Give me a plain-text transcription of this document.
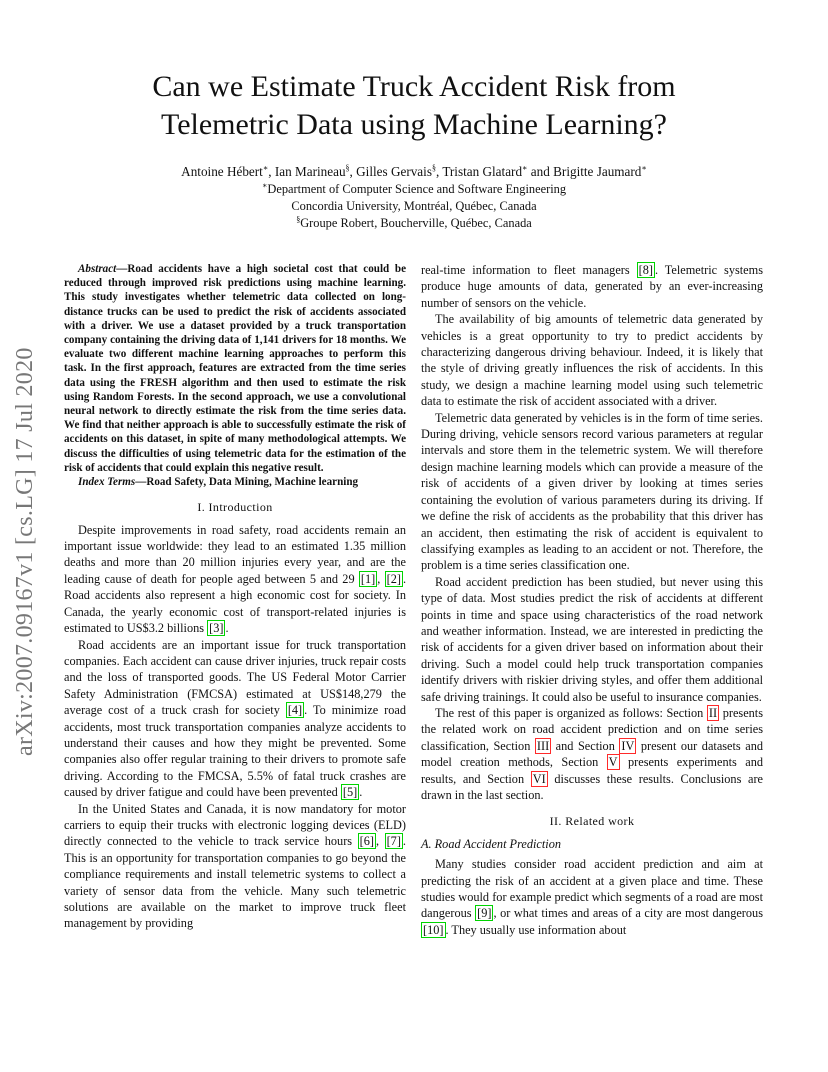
Can we Estimate Truck Accident Risk from
Telemetric Data using Machine Learning?
Antoine Hébert∗, Ian Marineau§, Gilles Gervais§, Tristan Glatard∗ and Brigitte Jaumard∗
∗Department of Computer Science and Software Engineering
Concordia University, Montréal, Québec, Canada
§Groupe Robert, Boucherville, Québec, Canada
arXiv:2007.09167v1 [cs.LG] 17 Jul 2020

Abstract—Road accidents have a high societal cost that could be reduced through improved risk predictions using machine learning. This study investigates whether telemetric data collected on long-distance trucks can be used to predict the risk of accidents associated with a driver. We use a dataset provided by a truck transportation company containing the driving data of 1,141 drivers for 18 months. We evaluate two different machine learning approaches to perform this task. In the first approach, features are extracted from the time series data using the FRESH algorithm and then used to estimate the risk using Random Forests. In the second approach, we use a convolutional neural network to directly estimate the risk from the time series data. We find that neither approach is able to successfully estimate the risk of accidents on this dataset, in spite of many methodological attempts. We discuss the difficulties of using telemetric data for the estimation of the risk of accidents that could explain this negative result.

Index Terms—Road Safety, Data Mining, Machine learning

I. Introduction

Despite improvements in road safety, road accidents remain an important issue worldwide: they lead to an estimated 1.35 million deaths and more than 20 million injuries every year, and are the leading cause of death for people aged between 5 and 29 [1] , [2] . Road accidents also represent a high economic cost for society. In Canada, the yearly economic cost of transport-related injuries is estimated to US$3.2 billions [3] .

Road accidents are an important issue for truck transportation companies. Each accident can cause driver injuries, truck repair costs and the loss of transported goods. The US Federal Motor Carrier Safety Administration (FMCSA) estimated at US$148,279 the average cost of a truck crash for society [4] . To minimize road accidents, most truck transportation companies analyze accidents to understand their causes and how they might be prevented. Some companies also offer regular training to their drivers to promote safe driving. According to the FMCSA, 5.5% of fatal truck crashes are caused by driver fatigue and could have been prevented [5] .

In the United States and Canada, it is now mandatory for motor carriers to equip their trucks with electronic logging devices (ELD) directly connected to the vehicle to track service hours [6] , [7] . This is an opportunity for transportation companies to go beyond the compliance requirements and install telemetric systems to collect a variety of sensor data from the vehicle. Many such telemetric solutions are available on the market to improve truck fleet management by providing

real-time information to fleet managers [8] . Telemetric systems produce huge amounts of data, generated by an ever-increasing number of sensors on the vehicle.

The availability of big amounts of telemetric data generated by vehicles is a great opportunity to try to predict accidents by characterizing dangerous driving behaviour. Indeed, it is likely that the style of driving greatly influences the risk of accidents. In this study, we design a machine learning model using such telemetric data to estimate the risk of accident associated with a driver.

Telemetric data generated by vehicles is in the form of time series. During driving, vehicle sensors record various parameters at regular intervals and store them in the telemetric system. We will therefore design machine learning models which can provide a measure of the risk of accidents of a given driver by looking at times series containing the evolution of various parameters during its driving. If we define the risk of accidents as the probability that this driver has an accident, then estimating the risk of accident is equivalent to classifying examples as leading to an accident or not. Therefore, the problem is a time series classification one.

Road accident prediction has been studied, but never using this type of data. Most studies predict the risk of accidents at different points in time and space using characteristics of the road network and weather information. Instead, we are interested in predicting the risk of accidents for a given driver based on information about their driving. Such a model could help truck transportation companies identify drivers with riskier driving styles, and offer them additional safe driving trainings. It could also be useful to insurance companies.

The rest of this paper is organized as follows: Section II presents the related work on road accident prediction and on time series classification, Section III and Section IV present our datasets and model creation methods, Section V presents experiments and results, and Section VI discusses these results. Conclusions are drawn in the last section.

II. Related work
A. Road Accident Prediction

Many studies consider road accident prediction and aim at predicting the risk of an accident at a given place and time. These studies would for example predict which segments of a road are most dangerous [9] , or what times and areas of a city are most dangerous [10] . They usually use information about
